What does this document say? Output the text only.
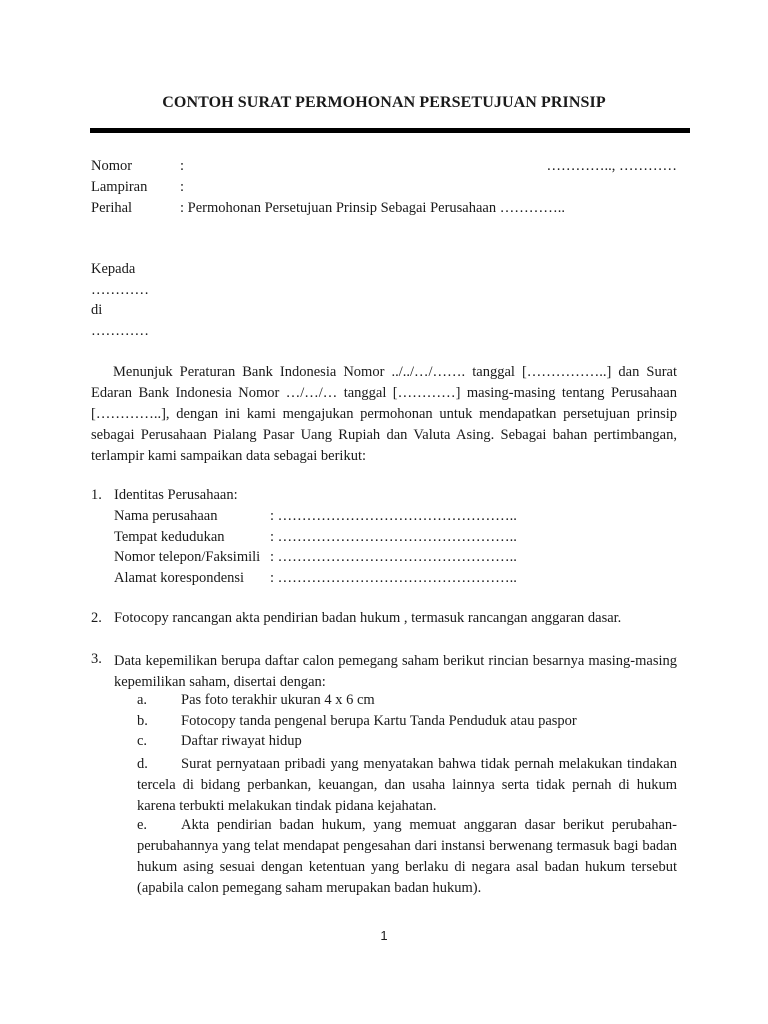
CONTOH SURAT PERMOHONAN PERSETUJUAN PRINSIP
Nomor	:	………….., …………
Lampiran :
Perihal	: Permohonan Persetujuan Prinsip Sebagai Perusahaan …………..
Kepada
…………
di
…………
Menunjuk Peraturan Bank Indonesia Nomor ../../…/……. tanggal [……………..] dan Surat Edaran Bank Indonesia Nomor …/…/… tanggal […………] masing-masing tentang Perusahaan […………..], dengan ini kami mengajukan permohonan untuk mendapatkan persetujuan prinsip sebagai Perusahaan Pialang Pasar Uang Rupiah dan Valuta Asing. Sebagai bahan pertimbangan, terlampir kami sampaikan data sebagai berikut:
1. Identitas Perusahaan:
Nama perusahaan	: …………………………………………..
Tempat kedudukan	: …………………………………………..
Nomor telepon/Faksimili : …………………………………………..
Alamat korespondensi : …………………………………………..
2. Fotocopy rancangan akta pendirian badan hukum , termasuk rancangan anggaran dasar.
3. Data kepemilikan berupa daftar calon pemegang saham berikut rincian besarnya masing-masing kepemilikan saham, disertai dengan:
a. Pas foto terakhir ukuran 4 x 6 cm
b. Fotocopy tanda pengenal berupa Kartu Tanda Penduduk atau paspor
c. Daftar riwayat hidup
d. Surat pernyataan pribadi yang menyatakan bahwa tidak pernah melakukan tindakan tercela di bidang perbankan, keuangan, dan usaha lainnya serta tidak pernah di hukum karena terbukti melakukan tindak pidana kejahatan.
e. Akta pendirian badan hukum, yang memuat anggaran dasar berikut perubahan-perubahannya yang telat mendapat pengesahan dari instansi berwenang termasuk bagi badan hukum asing sesuai dengan ketentuan yang berlaku di negara asal badan hukum tersebut (apabila calon pemegang saham merupakan badan hukum).
1
